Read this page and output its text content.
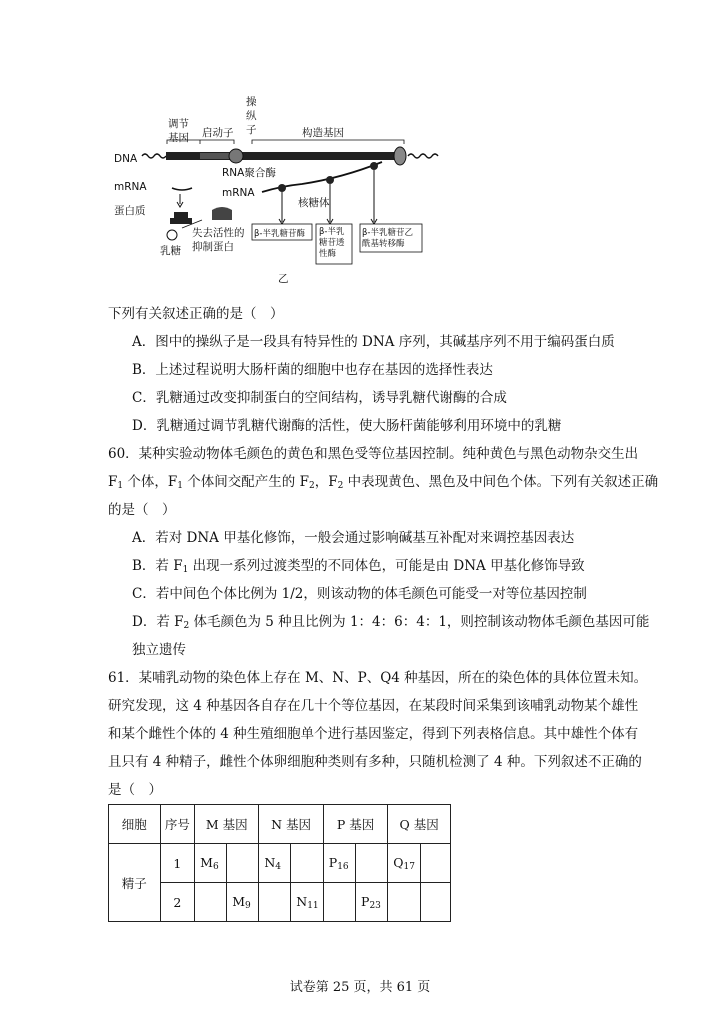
调节 基因	启动子
操 纵 子	构造基因
DNA
mRNA
RNA聚合酶
mRNA
核糖体
蛋白质
乳糖
失去活性的 抑制蛋白
β-半乳糖苷酶 β-半乳 糖苷透 性酶
β-半乳糖苷乙 酰基转移酶
乙
下列有关叙述正确的是（　）
A．图中的操纵子是一段具有特异性的 DNA 序列，其碱基序列不用于编码蛋白质
B．上述过程说明大肠杆菌的细胞中也存在基因的选择性表达
C．乳糖通过改变抑制蛋白的空间结构，诱导乳糖代谢酶的合成
D．乳糖通过调节乳糖代谢酶的活性，使大肠杆菌能够利用环境中的乳糖
60．某种实验动物体毛颜色的黄色和黑色受等位基因控制。纯种黄色与黑色动物杂交生出
$F_1$ 个体，$F_1$ 个体间交配产生的 $F_2$，$F_2$ 中表现黄色、黑色及中间色个体。下列有关叙述正确
的是（　）
A．若对 DNA 甲基化修饰，一般会通过影响碱基互补配对来调控基因表达
B．若 $F_1$ 出现一系列过渡类型的不同体色，可能是由 DNA 甲基化修饰导致
C．若中间色个体比例为 1/2，则该动物的体毛颜色可能受一对等位基因控制
D．若 $F_2$ 体毛颜色为 5 种且比例为 1：4：6：4：1，则控制该动物体毛颜色基因可能
独立遗传
61．某哺乳动物的染色体上存在 M、N、P、Q4 种基因，所在的染色体的具体位置未知。
研究发现，这 4 种基因各自存在几十个等位基因，在某段时间采集到该哺乳动物某个雄性
和某个雌性个体的 4 种生殖细胞单个进行基因鉴定，得到下列表格信息。其中雄性个体有
且只有 4 种精子，雌性个体卵细胞种类则有多种，只随机检测了 4 种。下列叙述不正确的
是（　）
细胞	序号	M 基因		N 基因		P 基因		Q 基因	
精子	1	$M_6$		$N_4$		$P_{16}$		$Q_{17}$	
	2		$M_9$		$N_{11}$		$P_{23}$		
试卷第 25 页，共 61 页
